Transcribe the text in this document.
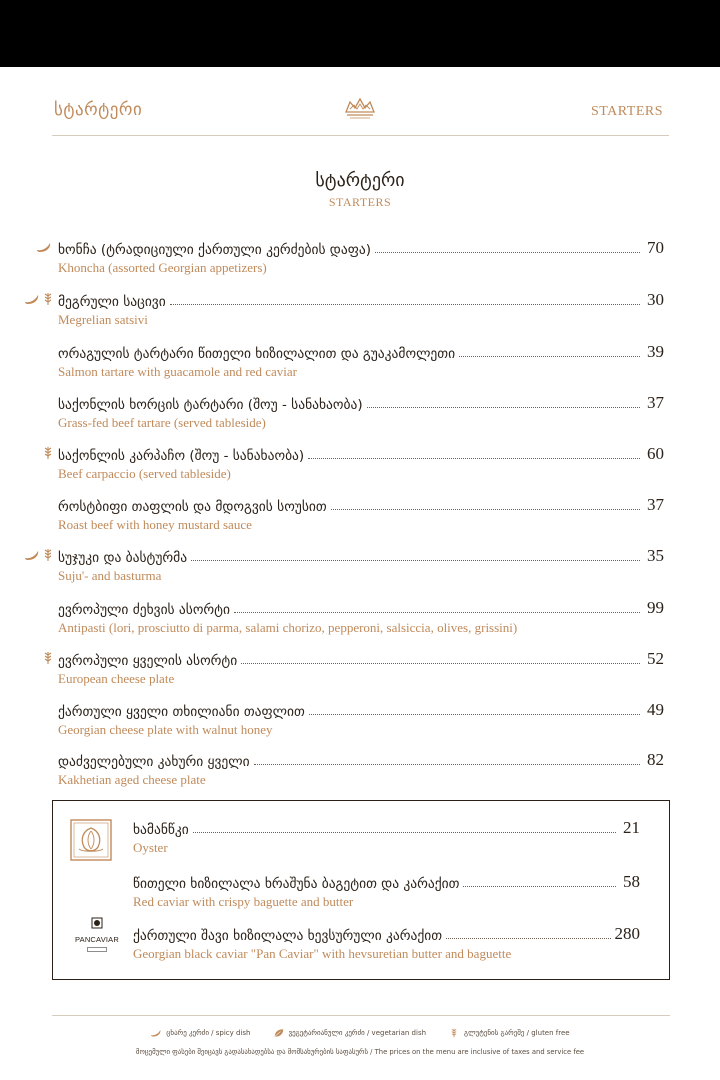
სტარტერი	STARTERS
სტარტერი
STARTERS
ხონჩა (ტრადიციული ქართული კერძების დაფა)	70
Khoncha (assorted Georgian appetizers)
მეგრული საცივი	30
Megrelian satsivi
ორაგულის ტარტარი წითელი ხიზილალით და გუაკამოლეთი	39
Salmon tartare with guacamole and red caviar
საქონლის ხორცის ტარტარი (შოუ - სანახაობა)	37
Grass-fed beef tartare (served tableside)
საქონლის კარპაჩო (შოუ - სანახაობა)	60
Beef carpaccio (served tableside)
როსტბიფი თაფლის და მდოგვის სოუსით	37
Roast beef with honey mustard sauce
სუჯუკი და ბასტურმა	35
Suju'- and basturma
ევროპული ძეხვის ასორტი	99
Antipasti (lori, prosciutto di parma, salami chorizo, pepperoni, salsiccia, olives, grissini)
ევროპული ყველის ასორტი	52
European cheese plate
ქართული ყველი თხილიანი თაფლით	49
Georgian cheese plate with walnut honey
დაძველებული კახური ყველი	82
Kakhetian aged cheese plate
ხამანწკი	21
Oyster
წითელი ხიზილალა ხრაშუნა ბაგეტით და კარაქით	58
Red caviar with crispy baguette and butter
PANCAVIAR ქართული შავი ხიზილალა ხევსურული კარაქით	280
Georgian black caviar "Pan Caviar" with hevsuretian butter and baguette
ცხარე კერძი / spicy dish	ვეგეტარიანული კერძი / vegetarian dish	გლუტენის გარეშე / gluten free
მოცემული ფასები შეიცავს გადასახადებსა და მომსახურების საფასურს / The prices on the menu are inclusive of taxes and service fee
